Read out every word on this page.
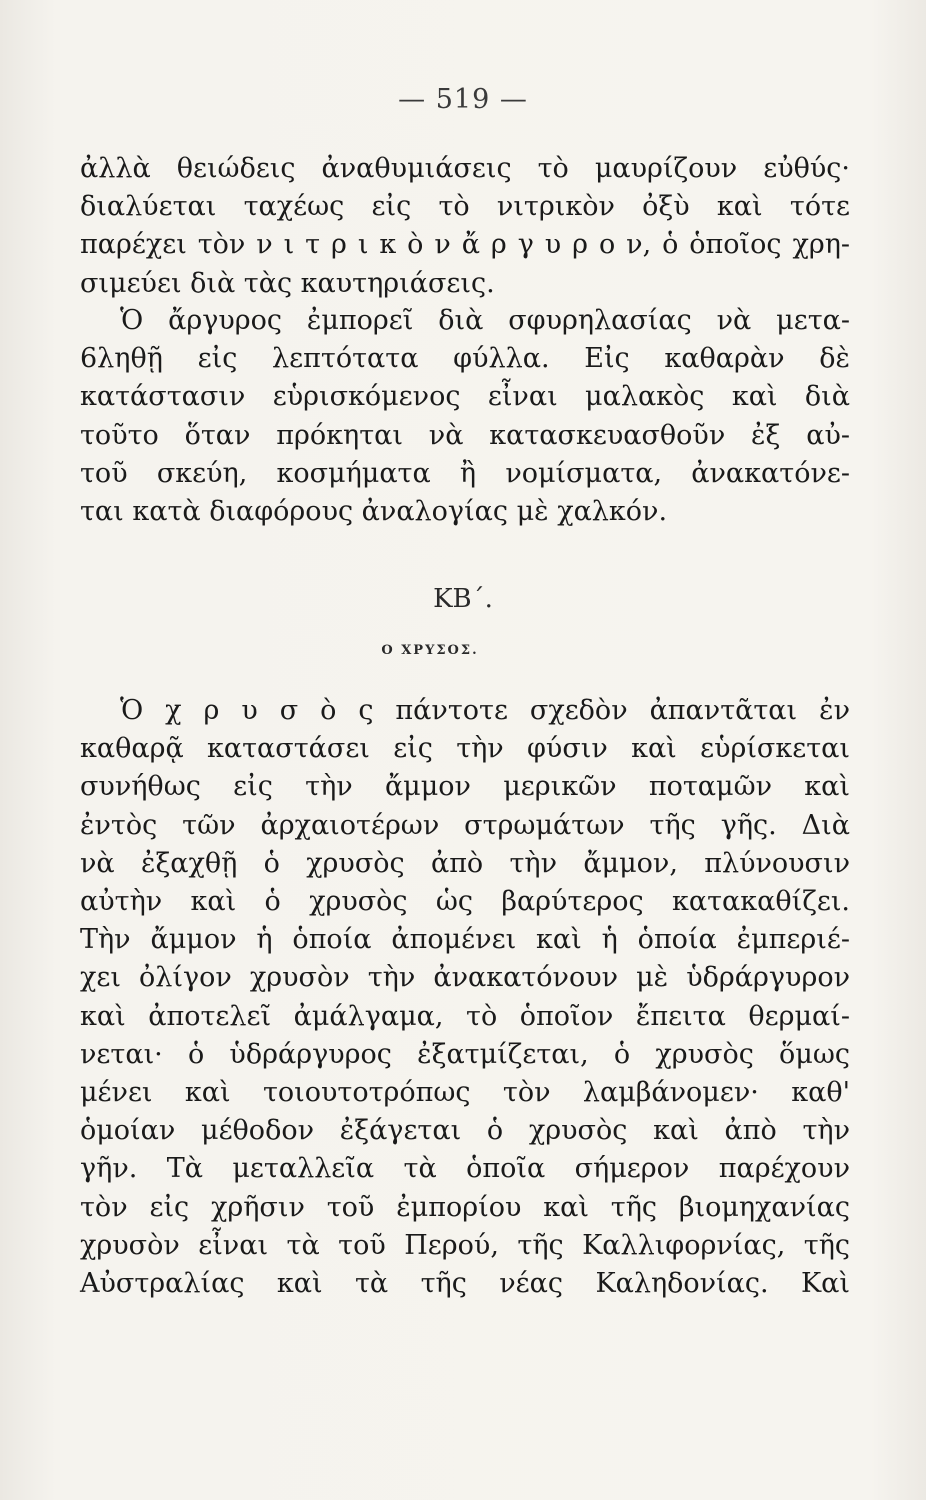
— 519 —
ἀλλὰ θειώδεις ἀναθυμιάσεις τὸ μαυρίζουν εὐθύς·
διαλύεται ταχέως εἰς τὸ νιτρικὸν ὀξὺ καὶ τότε
παρέχει τὸν ν ι τ ρ ι κ ὸ ν ἄ ρ γ υ ρ ο ν, ὁ ὁποῖος χρη-
σιμεύει διὰ τὰς καυτηριάσεις.
Ὁ ἄργυρος ἐμπορεῖ διὰ σφυρηλασίας νὰ μετα-
6ληθῇ εἰς λεπτότατα φύλλα. Εἰς καθαρὰν δὲ
κατάστασιν εὑρισκόμενος εἶναι μαλακὸς καὶ διὰ
τοῦτο ὅταν πρόκηται νὰ κατασκευασθοῦν ἐξ αὐ-
τοῦ σκεύη, κοσμήματα ἢ νομίσματα, ἀνακατόνε-
ται κατὰ διαφόρους ἀναλογίας μὲ χαλκόν.
ΚΒ΄.
Ο ΧΡΥΣΟΣ.
Ὁ χ ρ υ σ ὸ ς πάντοτε σχεδὸν ἀπαντᾶται ἐν
καθαρᾷ καταστάσει εἰς τὴν φύσιν καὶ εὑρίσκεται
συνήθως εἰς τὴν ἄμμον μερικῶν ποταμῶν καὶ
ἐντὸς τῶν ἀρχαιοτέρων στρωμάτων τῆς γῆς. Διὰ
νὰ ἐξαχθῇ ὁ χρυσὸς ἀπὸ τὴν ἄμμον, πλύνουσιν
αὐτὴν καὶ ὁ χρυσὸς ὡς βαρύτερος κατακαθίζει.
Τὴν ἄμμον ἡ ὁποία ἀπομένει καὶ ἡ ὁποία ἐμπεριέ-
χει ὀλίγον χρυσὸν τὴν ἀνακατόνουν μὲ ὑδράργυρον
καὶ ἀποτελεῖ ἀμάλγαμα, τὸ ὁποῖον ἔπειτα θερμαί-
νεται· ὁ ὑδράργυρος ἐξατμίζεται, ὁ χρυσὸς ὅμως
μένει καὶ τοιουτοτρόπως τὸν λαμβάνομεν· καθ'
ὁμοίαν μέθοδον ἐξάγεται ὁ χρυσὸς καὶ ἀπὸ τὴν
γῆν. Τὰ μεταλλεῖα τὰ ὁποῖα σήμερον παρέχουν
τὸν εἰς χρῆσιν τοῦ ἐμπορίου καὶ τῆς βιομηχανίας
χρυσὸν εἶναι τὰ τοῦ Περού, τῆς Καλλιφορνίας, τῆς
Αὐστραλίας καὶ τὰ τῆς νέας Καληδονίας. Καὶ
